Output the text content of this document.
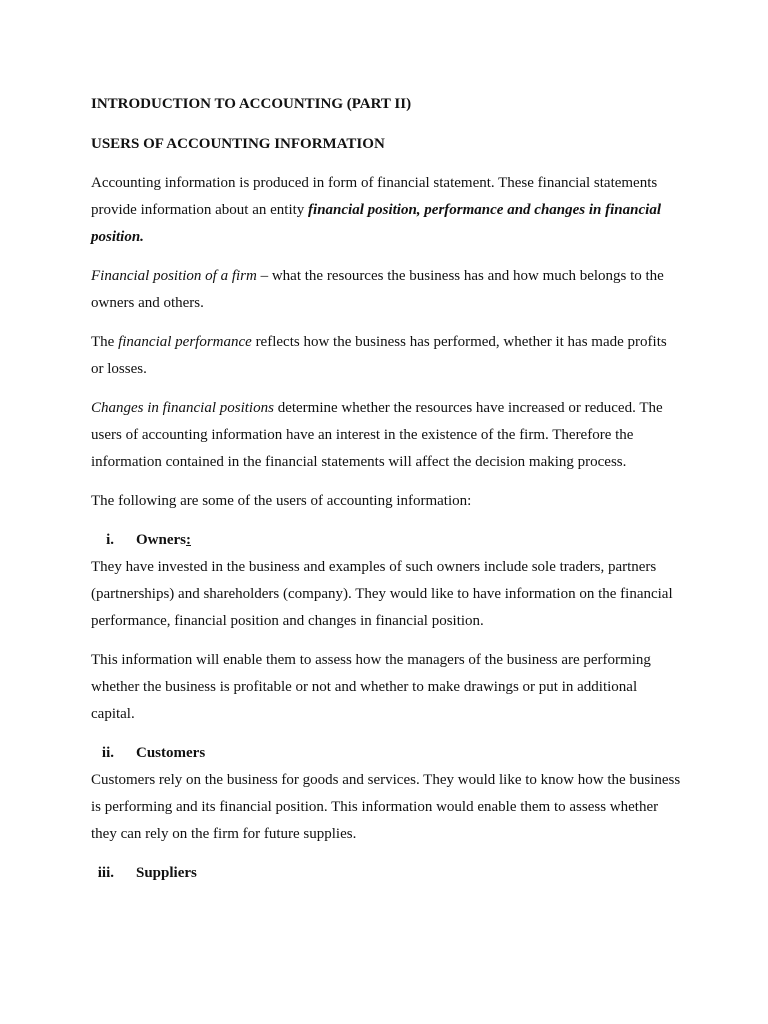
INTRODUCTION TO ACCOUNTING (PART II)
USERS OF ACCOUNTING INFORMATION

Accounting information is produced in form of financial statement. These financial statements provide information about an entity financial position, performance and changes in financial position.

Financial position of a firm – what the resources the business has and how much belongs to the owners and others.

The financial performance reflects how the business has performed, whether it has made profits or losses.

Changes in financial positions determine whether the resources have increased or reduced. The users of accounting information have an interest in the existence of the firm. Therefore the information contained in the financial statements will affect the decision making process.

The following are some of the users of accounting information:

i. Owners:

They have invested in the business and examples of such owners include sole traders, partners (partnerships) and shareholders (company). They would like to have information on the financial performance, financial position and changes in financial position.

This information will enable them to assess how the managers of the business are performing whether the business is profitable or not and whether to make drawings or put in additional capital.

ii. Customers

Customers rely on the business for goods and services. They would like to know how the business is performing and its financial position. This information would enable them to assess whether they can rely on the firm for future supplies.

iii. Suppliers
